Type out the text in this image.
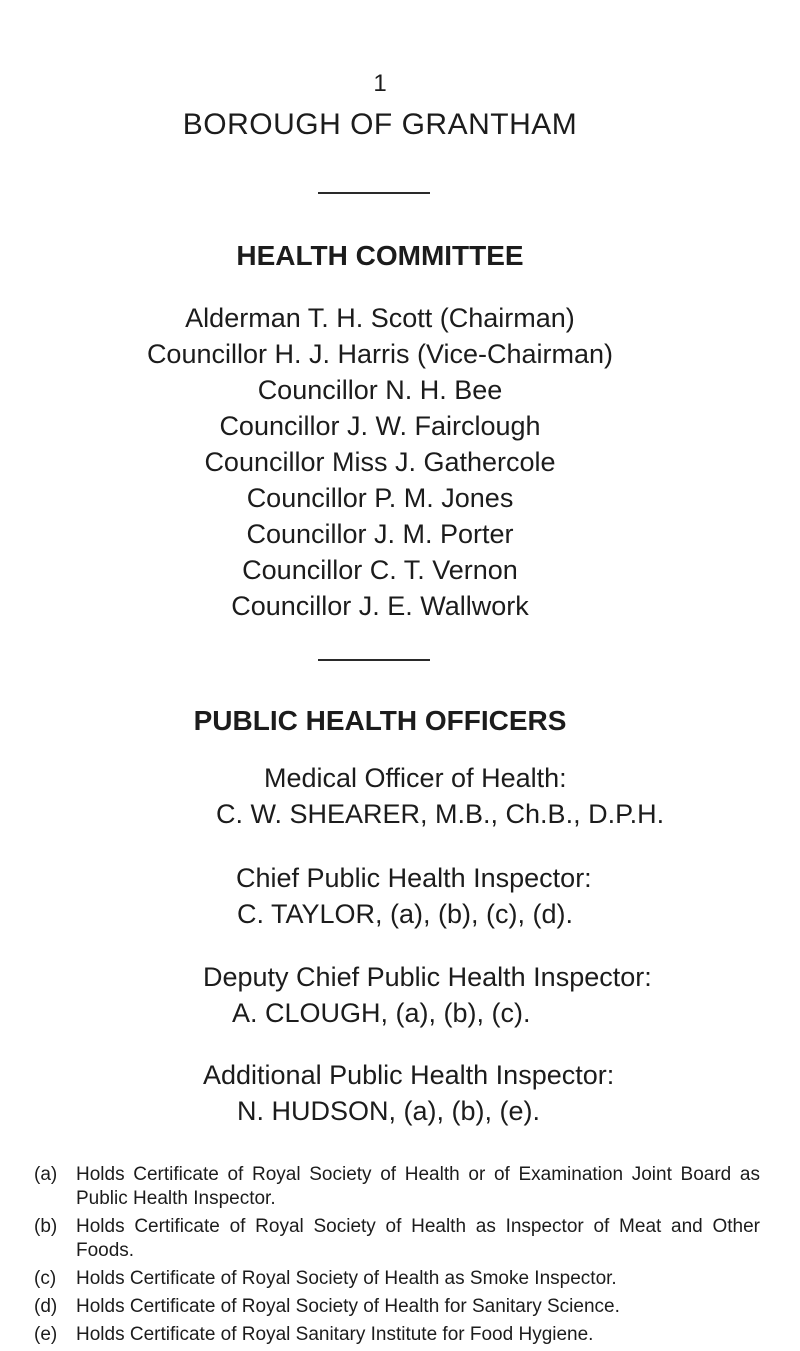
1
BOROUGH OF GRANTHAM
HEALTH COMMITTEE
Alderman T. H. Scott (Chairman)
Councillor H. J. Harris (Vice-Chairman)
Councillor N. H. Bee
Councillor J. W. Fairclough
Councillor Miss J. Gathercole
Councillor P. M. Jones
Councillor J. M. Porter
Councillor C. T. Vernon
Councillor J. E. Wallwork
PUBLIC HEALTH OFFICERS
Medical Officer of Health:
C. W. SHEARER, M.B., Ch.B., D.P.H.
Chief Public Health Inspector:
C. TAYLOR, (a), (b), (c), (d).
Deputy Chief Public Health Inspector:
A. CLOUGH, (a), (b), (c).
Additional Public Health Inspector:
N. HUDSON, (a), (b), (e).
(a) Holds Certificate of Royal Society of Health or of Examination Joint Board as Public Health Inspector.
(b) Holds Certificate of Royal Society of Health as Inspector of Meat and Other Foods.
(c)	Holds Certificate of Royal Society of Health as Smoke Inspector.
(d) Holds Certificate of Royal Society of Health for Sanitary Science.
(e) Holds Certificate of Royal Sanitary Institute for Food Hygiene.
